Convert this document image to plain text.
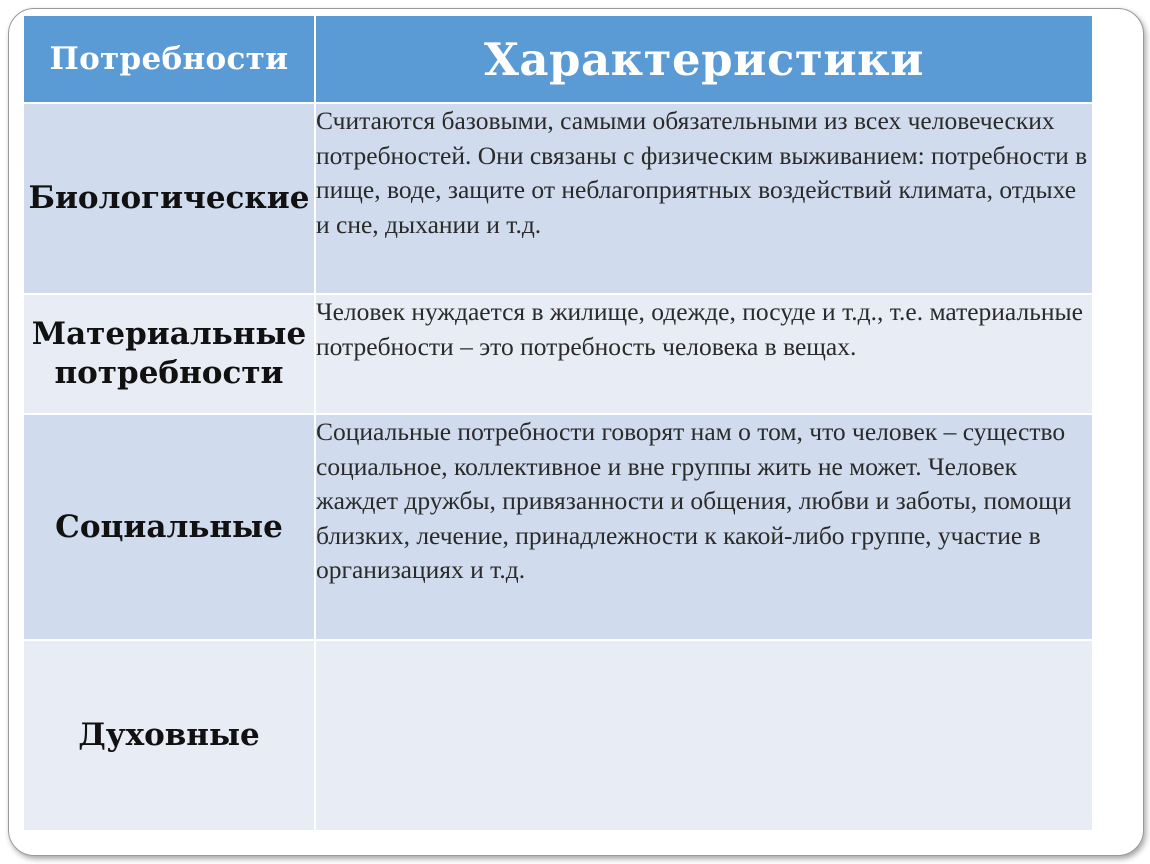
Потребности	Характеристики
Биологические	Считаются базовыми, самыми обязательными из всех человеческих потребностей. Они связаны с физическим выживанием: потребности в пище, воде, защите от неблагоприятных воздействий климата, отдыхе и сне, дыхании и т.д.
Материальные
потребности	Человек нуждается в жилище, одежде, посуде и т.д., т.е. материальные потребности – это потребность человека в вещах.
Социальные	Социальные потребности говорят нам о том, что человек – существо социальное, коллективное и вне группы жить не может. Человек жаждет дружбы, привязанности и общения, любви и заботы, помощи близких, лечение, принадлежности к какой-либо группе, участие в организациях и т.д.
Духовные	
